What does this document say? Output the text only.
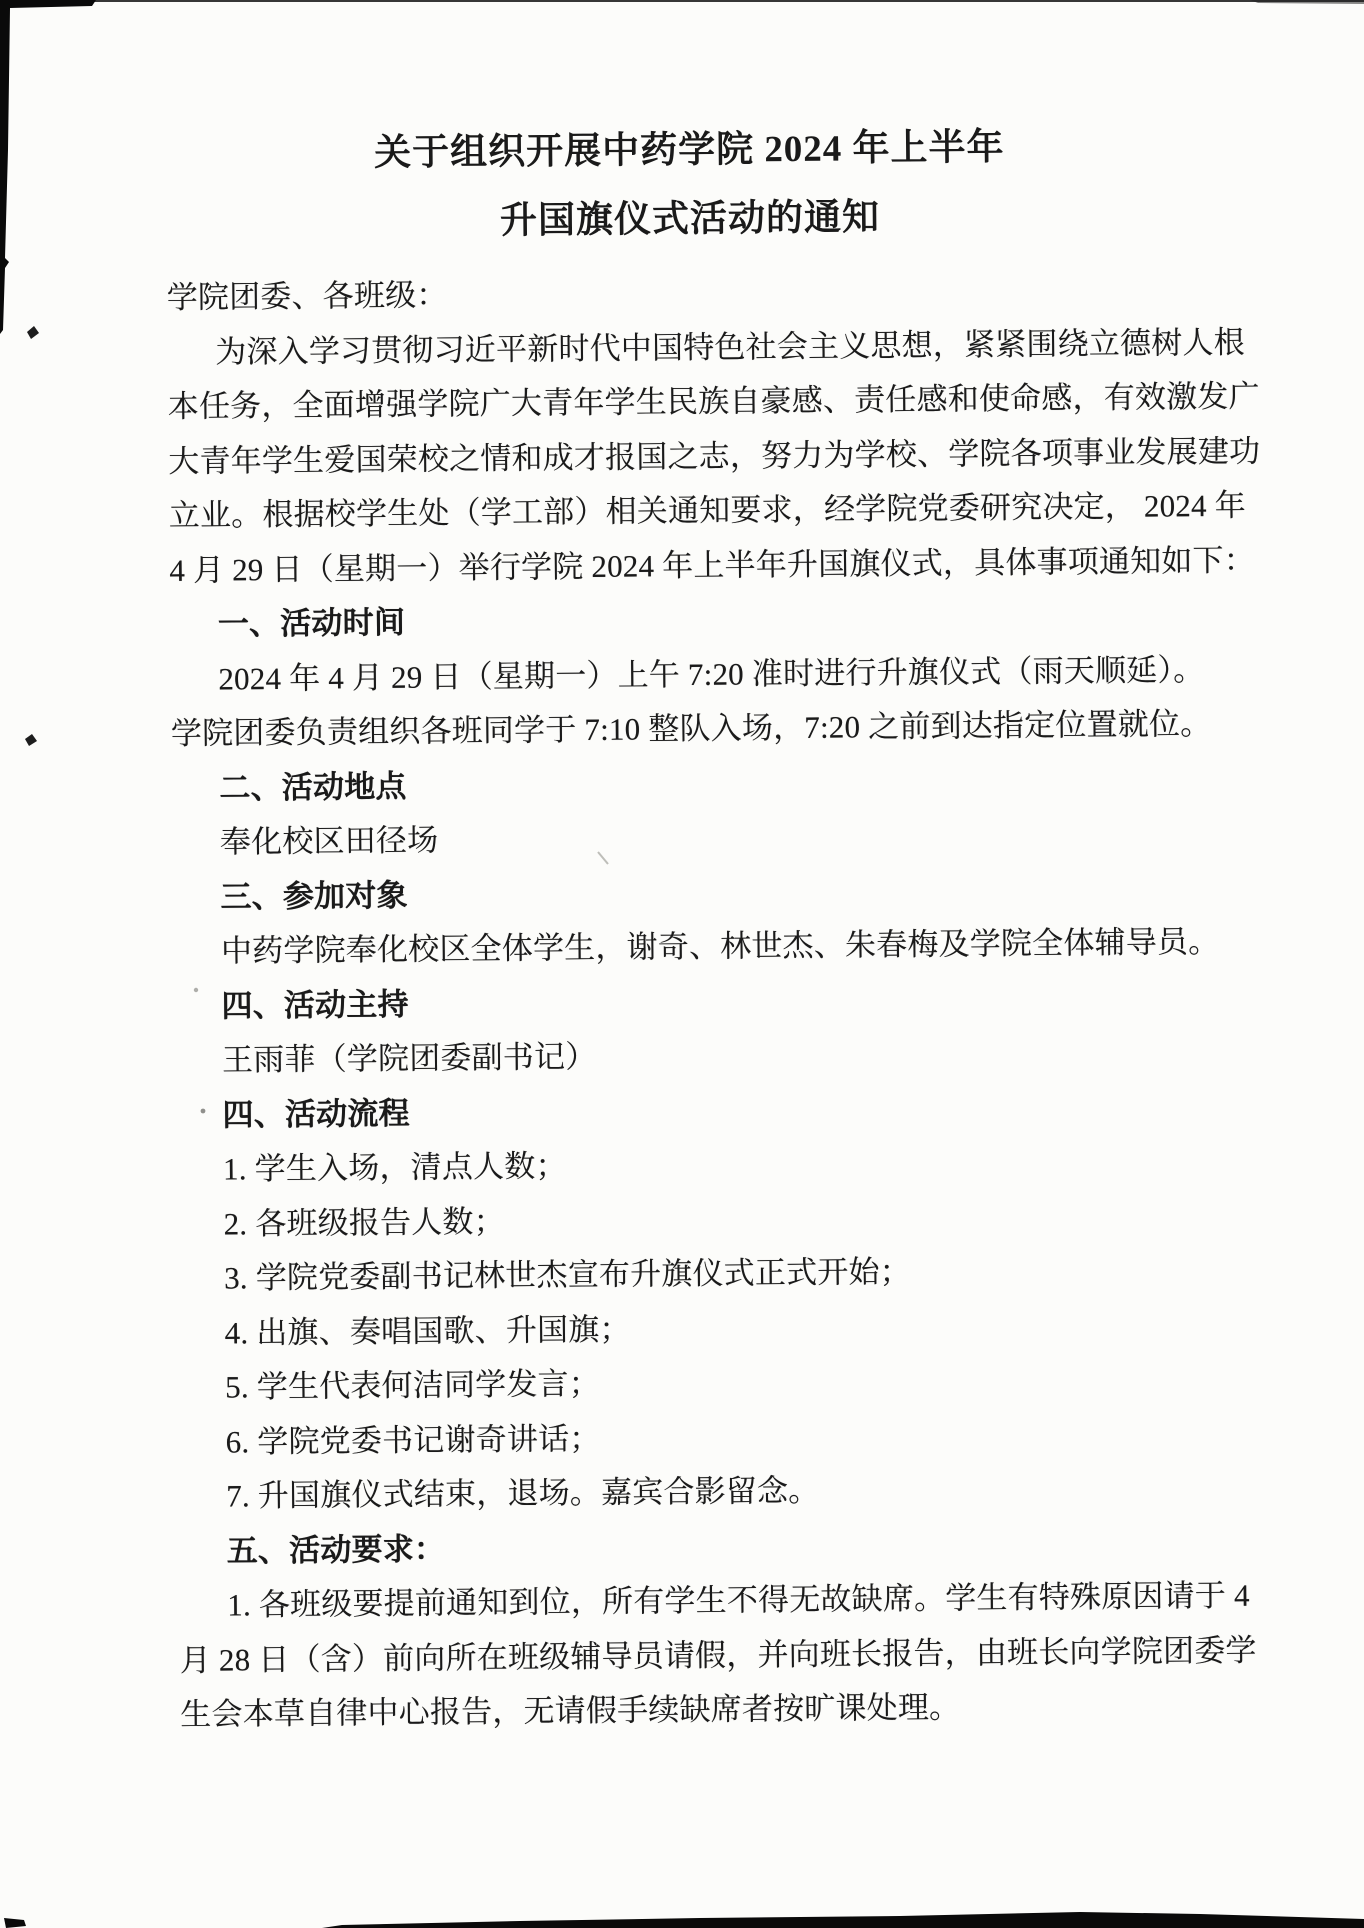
关于组织开展中药学院 2024 年上半年
升国旗仪式活动的通知
学院团委、各班级：
为深入学习贯彻习近平新时代中国特色社会主义思想，紧紧围绕立德树人根
本任务，全面增强学院广大青年学生民族自豪感、责任感和使命感，有效激发广
大青年学生爱国荣校之情和成才报国之志，努力为学校、学院各项事业发展建功
立业。根据校学生处（学工部）相关通知要求，经学院党委研究决定， 2024 年
4 月 29 日（星期一）举行学院 2024 年上半年升国旗仪式，具体事项通知如下：
一、活动时间
2024 年 4 月 29 日（星期一）上午 7:20 准时进行升旗仪式（雨天顺延）。
学院团委负责组织各班同学于 7:10 整队入场，7:20 之前到达指定位置就位。
二、活动地点
奉化校区田径场
三、参加对象
中药学院奉化校区全体学生，谢奇、林世杰、朱春梅及学院全体辅导员。
四、活动主持
王雨菲（学院团委副书记）
四、活动流程
1. 学生入场，清点人数；
2. 各班级报告人数；
3. 学院党委副书记林世杰宣布升旗仪式正式开始；
4. 出旗、奏唱国歌、升国旗；
5. 学生代表何洁同学发言；
6. 学院党委书记谢奇讲话；
7. 升国旗仪式结束，退场。嘉宾合影留念。
五、活动要求：
1. 各班级要提前通知到位，所有学生不得无故缺席。学生有特殊原因请于 4
月 28 日（含）前向所在班级辅导员请假，并向班长报告，由班长向学院团委学
生会本草自律中心报告，无请假手续缺席者按旷课处理。
